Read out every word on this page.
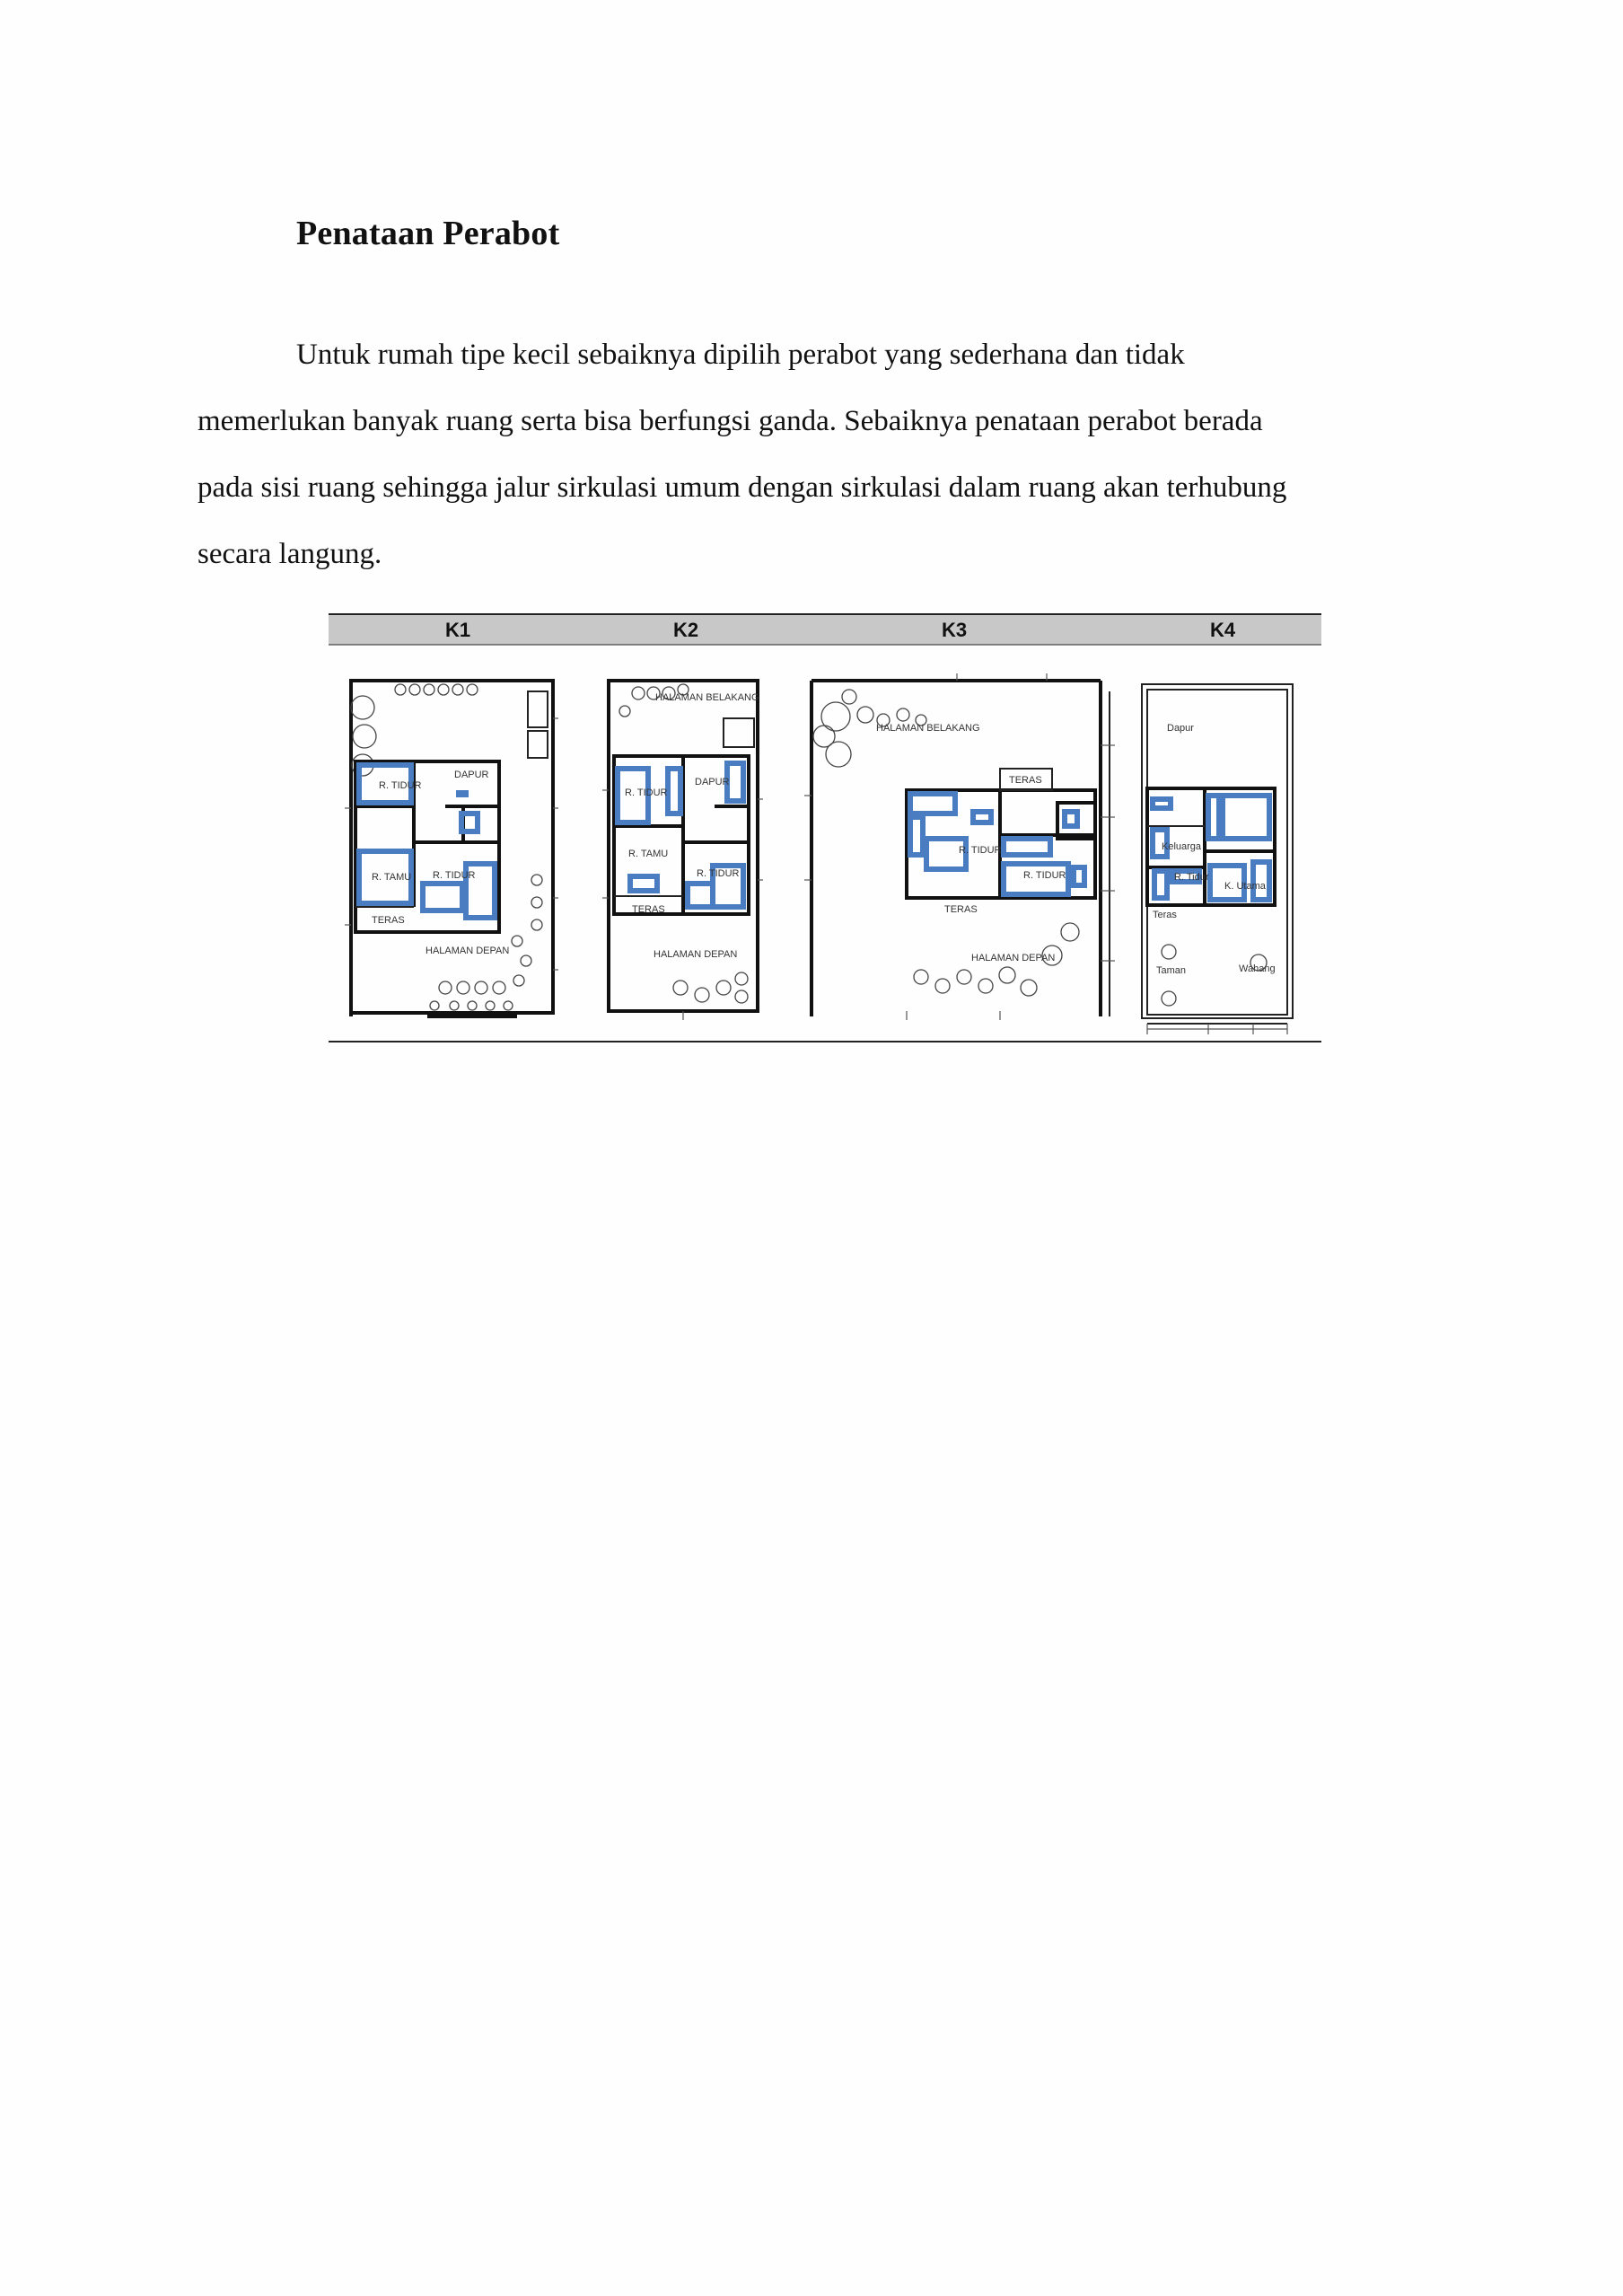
Penataan Perabot

Untuk rumah tipe kecil sebaiknya dipilih perabot yang sederhana dan tidak
memerlukan banyak ruang serta bisa berfungsi ganda. Sebaiknya penataan perabot berada
pada sisi ruang sehingga jalur sirkulasi umum dengan sirkulasi dalam ruang akan terhubung
secara langung.

K1	K2	K3	K4
R. TIDUR
DAPUR
R. TAMU R. TIDUR
TERAS
HALAMAN DEPAN
HALAMAN BELAKANG
R. TIDUR
DAPUR
R. TAMU
TERAS
R. TIDUR
HALAMAN DEPAN
HALAMAN BELAKANG
TERAS
R. TIDUR
R. TIDUR
TERAS
HALAMAN DEPAN
Dapur
Keluarga
R. Tidur
K. Utama
Teras
Taman	Wahang
